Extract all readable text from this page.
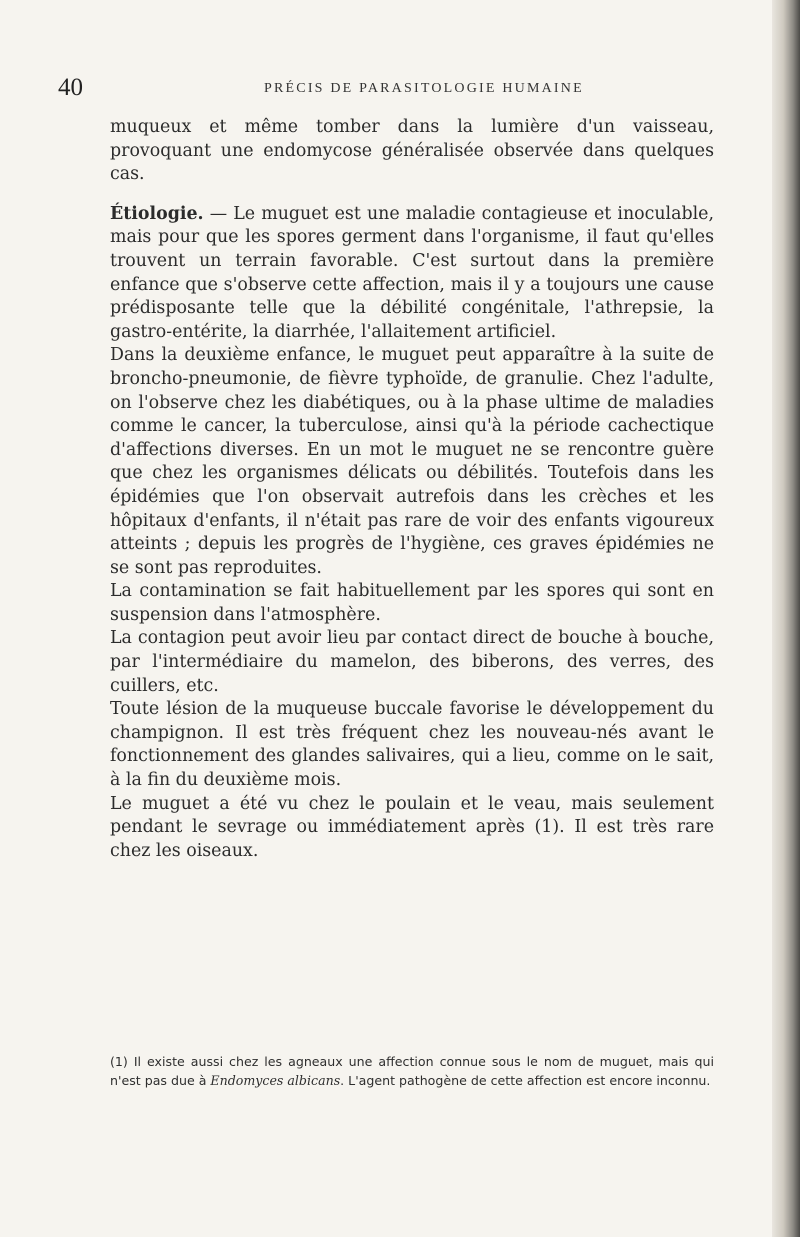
40	PRÉCIS DE PARASITOLOGIE HUMAINE

muqueux et même tomber dans la lumière d'un vaisseau, provoquant une endomycose généralisée observée dans quelques cas.

Étiologie. — Le muguet est une maladie contagieuse et inoculable, mais pour que les spores germent dans l'organisme, il faut qu'elles trouvent un terrain favorable. C'est surtout dans la première enfance que s'observe cette affection, mais il y a toujours une cause prédisposante telle que la débilité congénitale, l'athrepsie, la gastro-entérite, la diarrhée, l'allaitement artificiel.

Dans la deuxième enfance, le muguet peut apparaître à la suite de broncho-pneumonie, de fièvre typhoïde, de granulie. Chez l'adulte, on l'observe chez les diabétiques, ou à la phase ultime de maladies comme le cancer, la tuberculose, ainsi qu'à la période cachectique d'affections diverses. En un mot le muguet ne se rencontre guère que chez les organismes délicats ou débilités. Toutefois dans les épidémies que l'on observait autrefois dans les crèches et les hôpitaux d'enfants, il n'était pas rare de voir des enfants vigoureux atteints ; depuis les progrès de l'hygiène, ces graves épidémies ne se sont pas reproduites.

La contamination se fait habituellement par les spores qui sont en suspension dans l'atmosphère.

La contagion peut avoir lieu par contact direct de bouche à bouche, par l'intermédiaire du mamelon, des biberons, des verres, des cuillers, etc.

Toute lésion de la muqueuse buccale favorise le développement du champignon. Il est très fréquent chez les nouveau-nés avant le fonctionnement des glandes salivaires, qui a lieu, comme on le sait, à la fin du deuxième mois.

Le muguet a été vu chez le poulain et le veau, mais seulement pendant le sevrage ou immédiatement après (1). Il est très rare chez les oiseaux.

(1) Il existe aussi chez les agneaux une affection connue sous le nom de muguet, mais qui n'est pas due à Endomyces albicans. L'agent pathogène de cette affection est encore inconnu.
